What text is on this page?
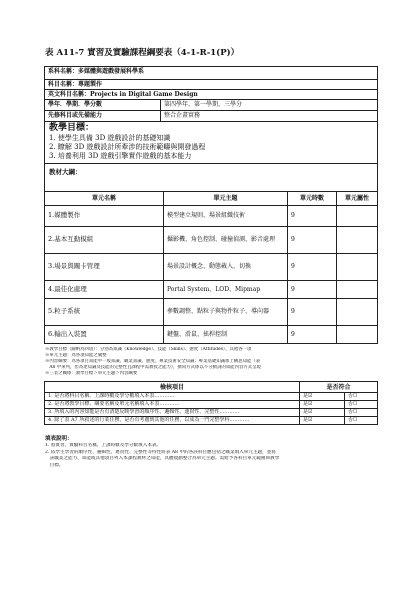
表 A11-7 實習及實驗課程綱要表（4-1-R-1(P)）
系科名稱：多媒體與遊戲發展科學系
科目名稱：專題製作
英文科目名稱：Projects in Digital Game Design
學年．學期．學分數	第四學年、第一學期、三學分
先修科目或先備能力	整合企畫實務
教學目標：
1. 使學生具備 3D 遊戲設計的基礎知識
2. 瞭解 3D 遊戲設計所牽涉的技術範疇與開發過程
3. 培養利用 3D 遊戲引擎實作遊戲的基本能力
教材大綱：
單元名稱	單元主題	單元時數	單元屬性
1.媒體製作	模型建立規則、場景組織技術	9	
2.基本互動模組	攝影機、角色控制、碰撞偵測、影音處理	9	
3.場景與關卡管理	場景設計概念、動態載入、切換	9	
4.最佳化處理	Portal System、LOD、Mipmap	9	
5.粒子系統	參數調整、點粒子與物件粒子、導向器	9	
6.輸出入裝置	鍵盤、滑鼠、搖桿控制	9	
※教學目標（歸納為四項）：分別為知識（Knowledge）、技能（Skills）、態度（Attitudes）、其他各一項
※單元主題：為各項知能之彙整
※內容綱要：為各項目知能中一般知識、職業知識、態度、專業技術安全知識；專業基礎知識加上構思知能（表
　A8 中來列，但為達知識及技能的完整性且課程中需教授之能力），撰寫方式係以不分動詞的知能內容方式呈現
※三者之關係：教學目標＞單元主題＞內容綱要
檢核項目	是否符合	
1. 是否將科目名稱、上課時數及學分數填入本表…………	是☑	否☐
2. 是否將教學目標、綱要名稱及單元名稱填入本表…………	是☑	否☐
3. 所填入的內容知能是否有清楚反映學習的順序性、邏輯性、連貫性、完整性…………	是☑	否☐
4. 除了表 A7 所敘述的行業任務，是否有考慮到其他的任務，以成為一門完整學科…………	是☑	否☐
填表說明：
1. 將實習、實驗科目名稱，上課時數及學分數填入本表。
2. 依學生學習的順序性、邏輯性、連貫性、完整性等特性將表 A8 中的各該科目應包括之職業填入單元主題，並將
　該職業之能力、知能或其他項目列入本課程教材之知能，具體規劃整合為單元主題。需給予各科目單元範圍與教學
　目標。
